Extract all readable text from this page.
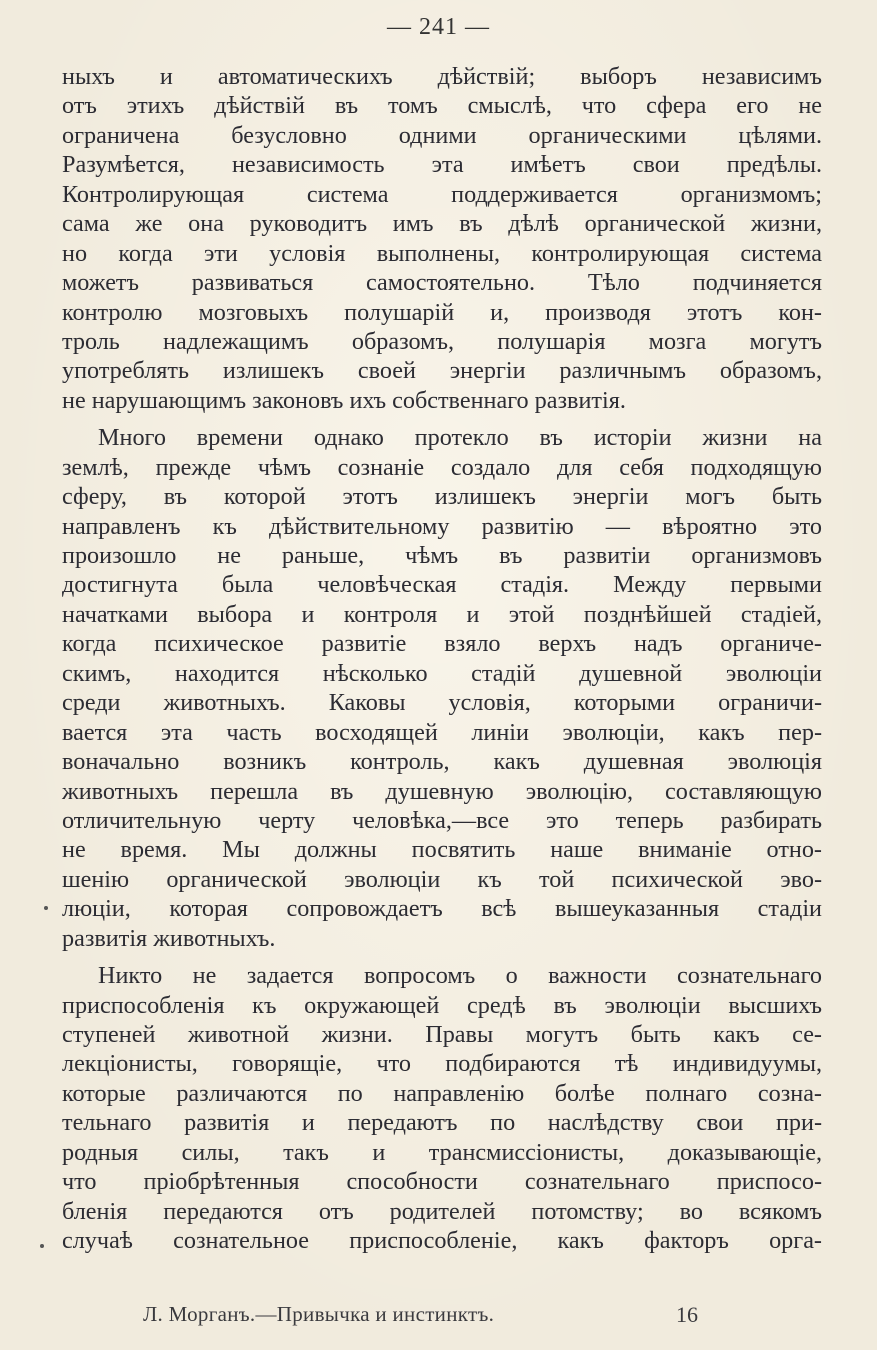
— 241 —
ныхъ и автоматическихъ дѣйствій; выборъ независимъ
отъ этихъ дѣйствій въ томъ смыслѣ, что сфера его не
ограничена безусловно одними органическими цѣлями.
Разумѣется, независимость эта имѣетъ свои предѣлы.
Контролирующая система поддерживается организмомъ;
сама же она руководитъ имъ въ дѣлѣ органической жизни,
но когда эти условія выполнены, контролирующая система
можетъ развиваться самостоятельно. Тѣло подчиняется
контролю мозговыхъ полушарій и, производя этотъ кон-
троль надлежащимъ образомъ, полушарія мозга могутъ
употреблять излишекъ своей энергіи различнымъ образомъ,
не нарушающимъ законовъ ихъ собственнаго развитія.
Много времени однако протекло въ исторіи жизни на
землѣ, прежде чѣмъ сознаніе создало для себя подходящую
сферу, въ которой этотъ излишекъ энергіи могъ быть
направленъ къ дѣйствительному развитію — вѣроятно это
произошло не раньше, чѣмъ въ развитіи организмовъ
достигнута была человѣческая стадія. Между первыми
начатками выбора и контроля и этой позднѣйшей стадіей,
когда психическое развитіе взяло верхъ надъ органиче-
скимъ, находится нѣсколько стадій душевной эволюціи
среди животныхъ. Каковы условія, которыми ограничи-
вается эта часть восходящей линіи эволюціи, какъ пер-
воначально возникъ контроль, какъ душевная эволюція
животныхъ перешла въ душевную эволюцію, составляющую
отличительную черту человѣка,—все это теперь разбирать
не время. Мы должны посвятить наше вниманіе отно-
шенію органической эволюціи къ той психической эво-
люціи, которая сопровождаетъ всѣ вышеуказанныя стадіи
развитія животныхъ.
Никто не задается вопросомъ о важности сознательнаго
приспособленія къ окружающей средѣ въ эволюціи высшихъ
ступеней животной жизни. Правы могутъ быть какъ се-
лекціонисты, говорящіе, что подбираются тѣ индивидуумы,
которые различаются по направленію болѣе полнаго созна-
тельнаго развитія и передаютъ по наслѣдству свои при-
родныя силы, такъ и трансмиссіонисты, доказывающіе,
что пріобрѣтенныя способности сознательнаго приспосо-
бленія передаются отъ родителей потомству; во всякомъ
случаѣ сознательное приспособленіе, какъ факторъ орга-
Л. Морганъ.—Привычка и инстинктъ.	16
